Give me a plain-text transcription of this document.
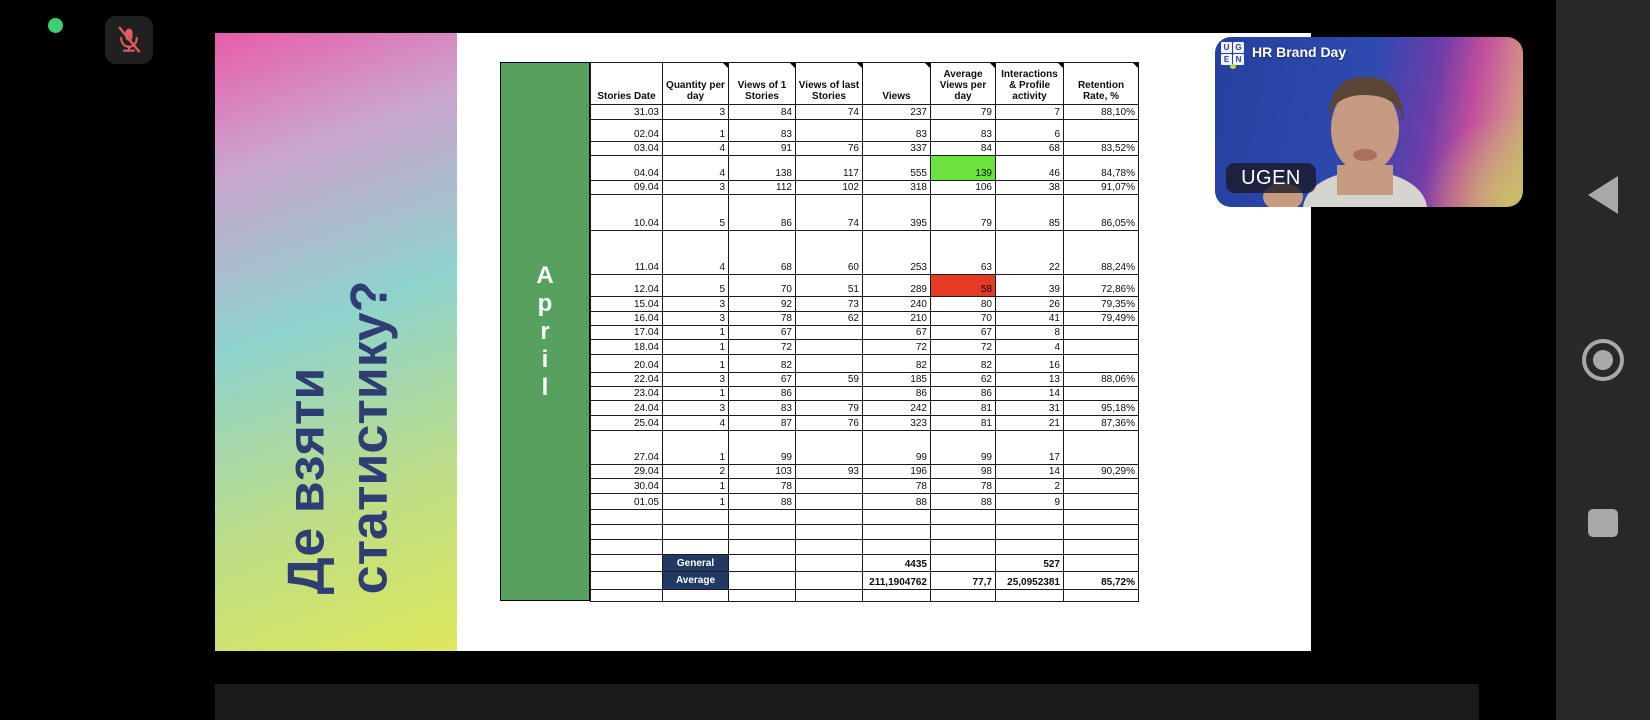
Де взяти статистику?
A
p
r
i
l
Stories Date	Quantity per day	Views of 1 Stories	Views of last Stories	Views	Average Views per day	Interactions & Profile activity	Retention Rate, %

31.03	3	84	74	237	79	7	88,10%
02.04	1	83		83	83	6	
03.04	4	91	76	337	84	68	83,52%
04.04	4	138	117	555	139	46	84,78%
09.04	3	112	102	318	106	38	91,07%
10.04	5	86	74	395	79	85	86,05%
11.04	4	68	60	253	63	22	88,24%
12.04	5	70	51	289	58	39	72,86%
15.04	3	92	73	240	80	26	79,35%
16.04	3	78	62	210	70	41	79,49%
17.04	1	67		67	67	8	
18.04	1	72		72	72	4	
20.04	1	82		82	82	16	
22.04	3	67	59	185	62	13	88,06%
23.04	1	86		86	86	14	
24.04	3	83	79	242	81	31	95,18%
25.04	4	87	76	323	81	21	87,36%
27.04	1	99		99	99	17	
29.04	2	103	93	196	98	14	90,29%
30.04	1	78		78	78	2	
01.05	1	88		88	88	9	

	General			4435		527	
	Average			211,1904762	77,7	25,0952381	85,72%

U G
E N HR Brand Day
UGEN
